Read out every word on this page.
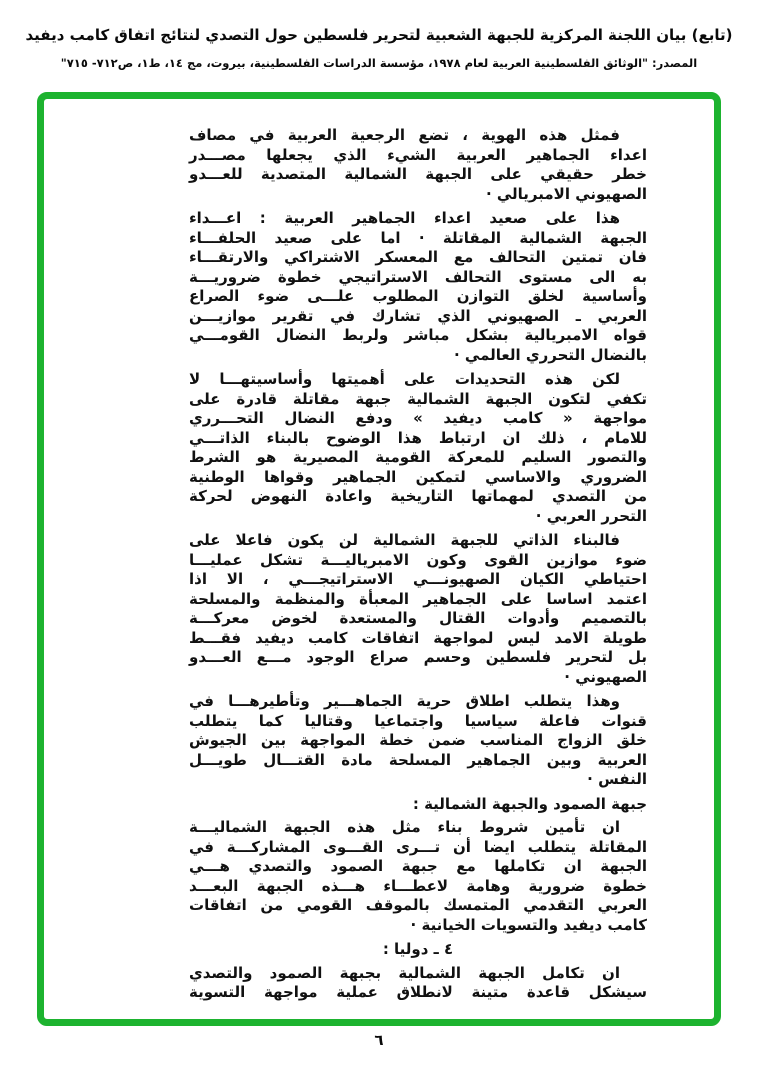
(تابع) بيان اللجنة المركزية للجبهة الشعبية لتحرير فلسطين حول التصدي لنتائج اتفاق كامب ديفيد
المصدر: "الوثائق الفلسطينية العربية لعام ١٩٧٨، مؤسسة الدراسات الفلسطينية، بيروت، مج ١٤، ط١، ص٧١٢- ٧١٥"
فمثل هذه الهوية ، تضع الرجعية العربية في مصاف
اعداء الجماهير العربية الشيء الذي يجعلها مصـــدر
خطر حقيقي على الجبهة الشمالية المتصدية للعـــدو
الصهيوني الامبريالي ·
هذا على صعيد اعداء الجماهير العربية : اعـــداء
الجبهة الشمالية المقاتلة · اما على صعيد الحلفـــاء
فان تمتين التحالف مع المعسكر الاشتراكي والارتقـــاء
به الى مستوى التحالف الاستراتيجي خطوة ضروريـــة
وأساسية لخلق التوازن المطلوب علـــى ضوء الصراع
العربي ـ الصهيوني الذي تشارك في تقرير موازيـــن
قواه الامبريالية بشكل مباشر ولربط النضال القومـــي
بالنضال التحرري العالمي ·
لكن هذه التحديدات على أهميتها وأساسيتهـــا لا
تكفي لتكون الجبهة الشمالية جبهة مقاتلة قادرة على
مواجهة « كامب ديفيد » ودفع النضال التحـــرري
للامام ، ذلك ان ارتباط هذا الوضوح بالبناء الذاتـــي
والتصور السليم للمعركة القومية المصيرية هو الشرط
الضروري والاساسي لتمكين الجماهير وقواها الوطنية
من التصدي لمهماتها التاريخية واعادة النهوض لحركة
التحرر العربي ·
فالبناء الذاتي للجبهة الشمالية لن يكون فاعلا على
ضوء موازين القوى وكون الامبرياليـــة تشكل عمليـــا
احتياطي الكيان الصهيونـــي الاستراتيجـــي ، الا اذا
اعتمد اساسا على الجماهير المعبأة والمنظمة والمسلحة
بالتصميم وأدوات القتال والمستعدة لخوض معركـــة
طويلة الامد ليس لمواجهة اتفاقات كامب ديفيد فقـــط
بل لتحرير فلسطين وحسم صراع الوجود مـــع العـــدو
الصهيوني ·
وهذا يتطلب اطلاق حرية الجماهـــير وتأطيرهـــا في
قنوات فاعلة سياسيا واجتماعيا وقتاليا كما يتطلب
خلق الزواج المناسب ضمن خطة المواجهة بين الجيوش
العربية وبين الجماهير المسلحة مادة القتـــال طويـــل
النفس ·
جبهة الصمود والجبهة الشمالية :
ان تأمين شروط بناء مثل هذه الجبهة الشماليـــة
المقاتلة يتطلب ايضا أن تـــرى القـــوى المشاركـــة في
الجبهة ان تكاملها مع جبهة الصمود والتصدي هـــي
خطوة ضرورية وهامة لاعطـــاء هـــذه الجبهة البعـــد
العربي التقدمي المتمسك بالموقف القومي من اتفاقات
كامب ديفيد والتسويات الخيانية ·
٤ ـ دوليا :
ان تكامل الجبهة الشمالية بجبهة الصمود والتصدي
سيشكل قاعدة متينة لانطلاق عملية مواجهة التسوية
٦
